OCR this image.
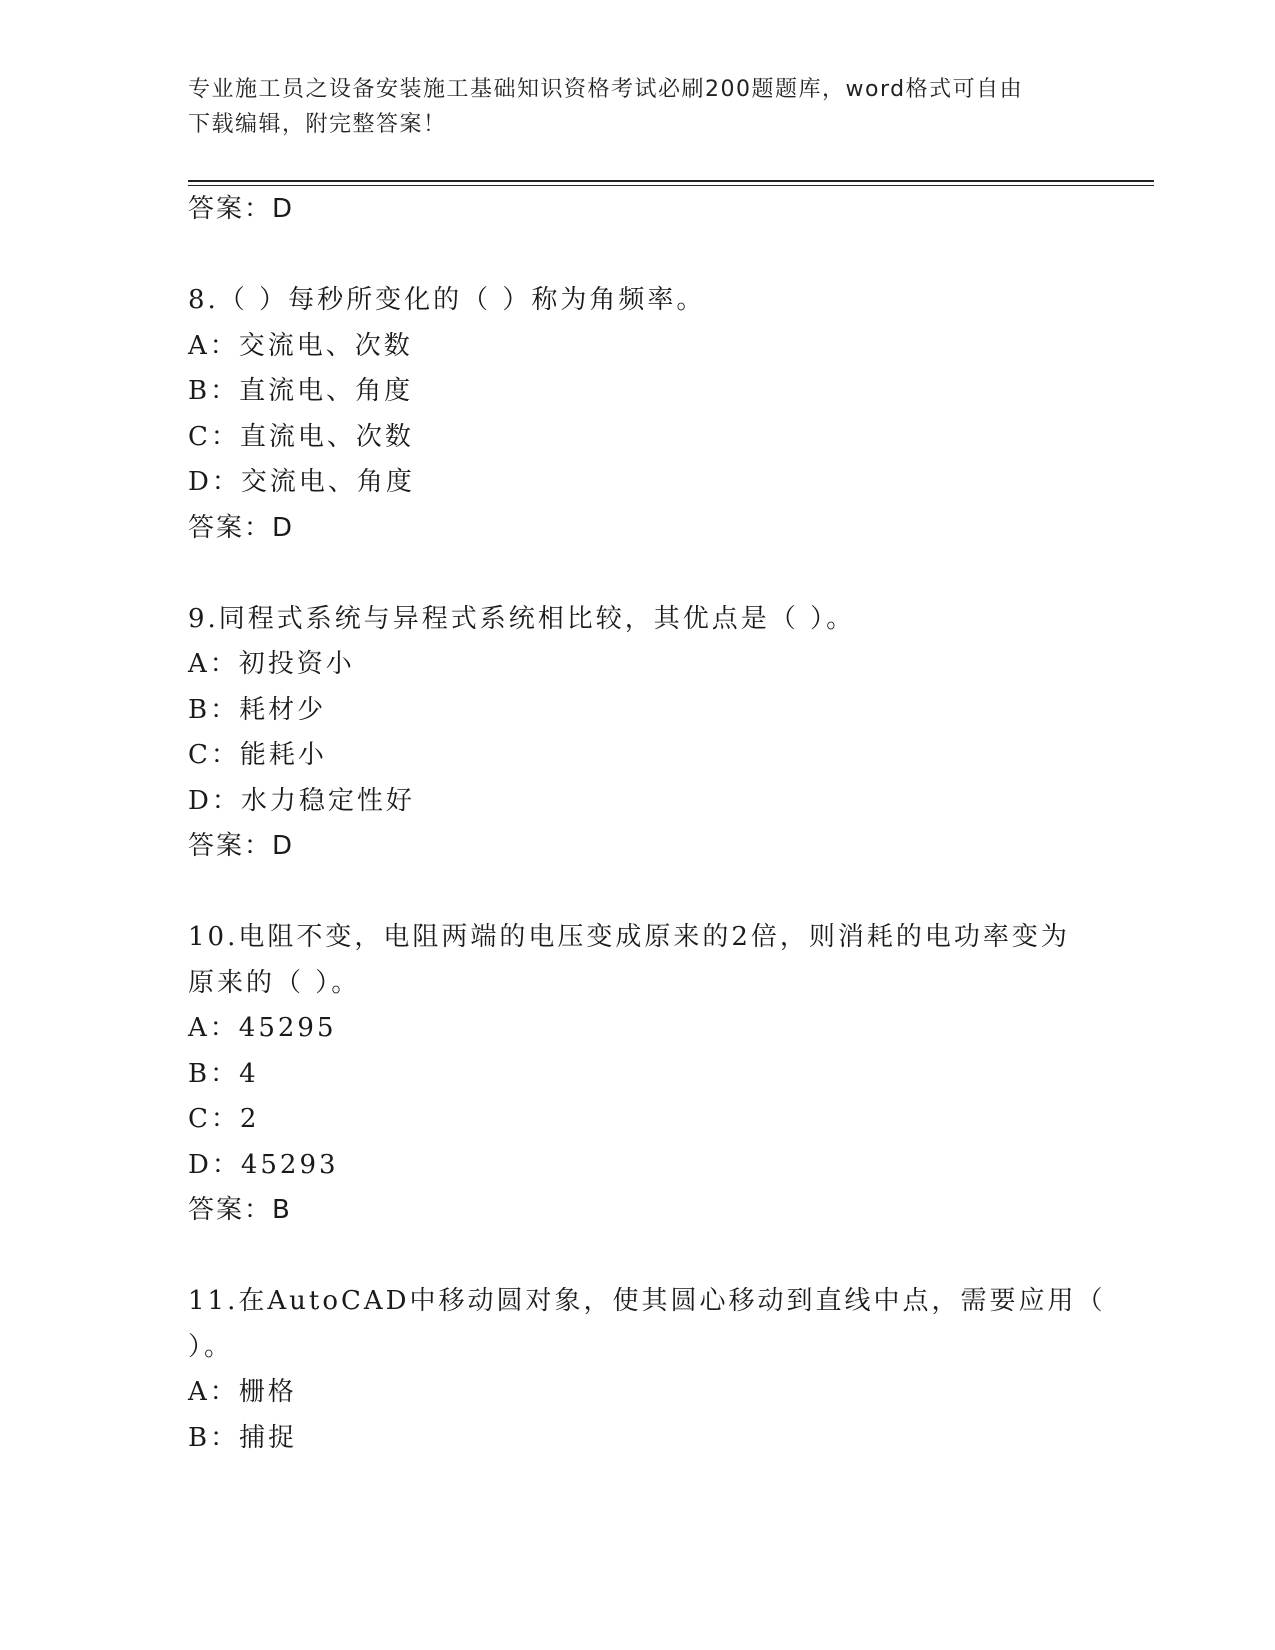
专业施工员之设备安装施工基础知识资格考试必刷200题题库，word格式可自由
下载编辑，附完整答案！
答案：D
8.（ ）每秒所变化的（ ）称为角频率。
A：交流电、次数
B：直流电、角度
C：直流电、次数
D：交流电、角度
答案：D
9.同程式系统与异程式系统相比较，其优点是（ ）。
A：初投资小
B：耗材少
C：能耗小
D：水力稳定性好
答案：D
10.电阻不变，电阻两端的电压变成原来的2倍，则消耗的电功率变为
原来的（ ）。
A：45295
B：4
C：2
D：45293
答案：B
11.在AutoCAD中移动圆对象，使其圆心移动到直线中点，需要应用（
）。
A：栅格
B：捕捉
